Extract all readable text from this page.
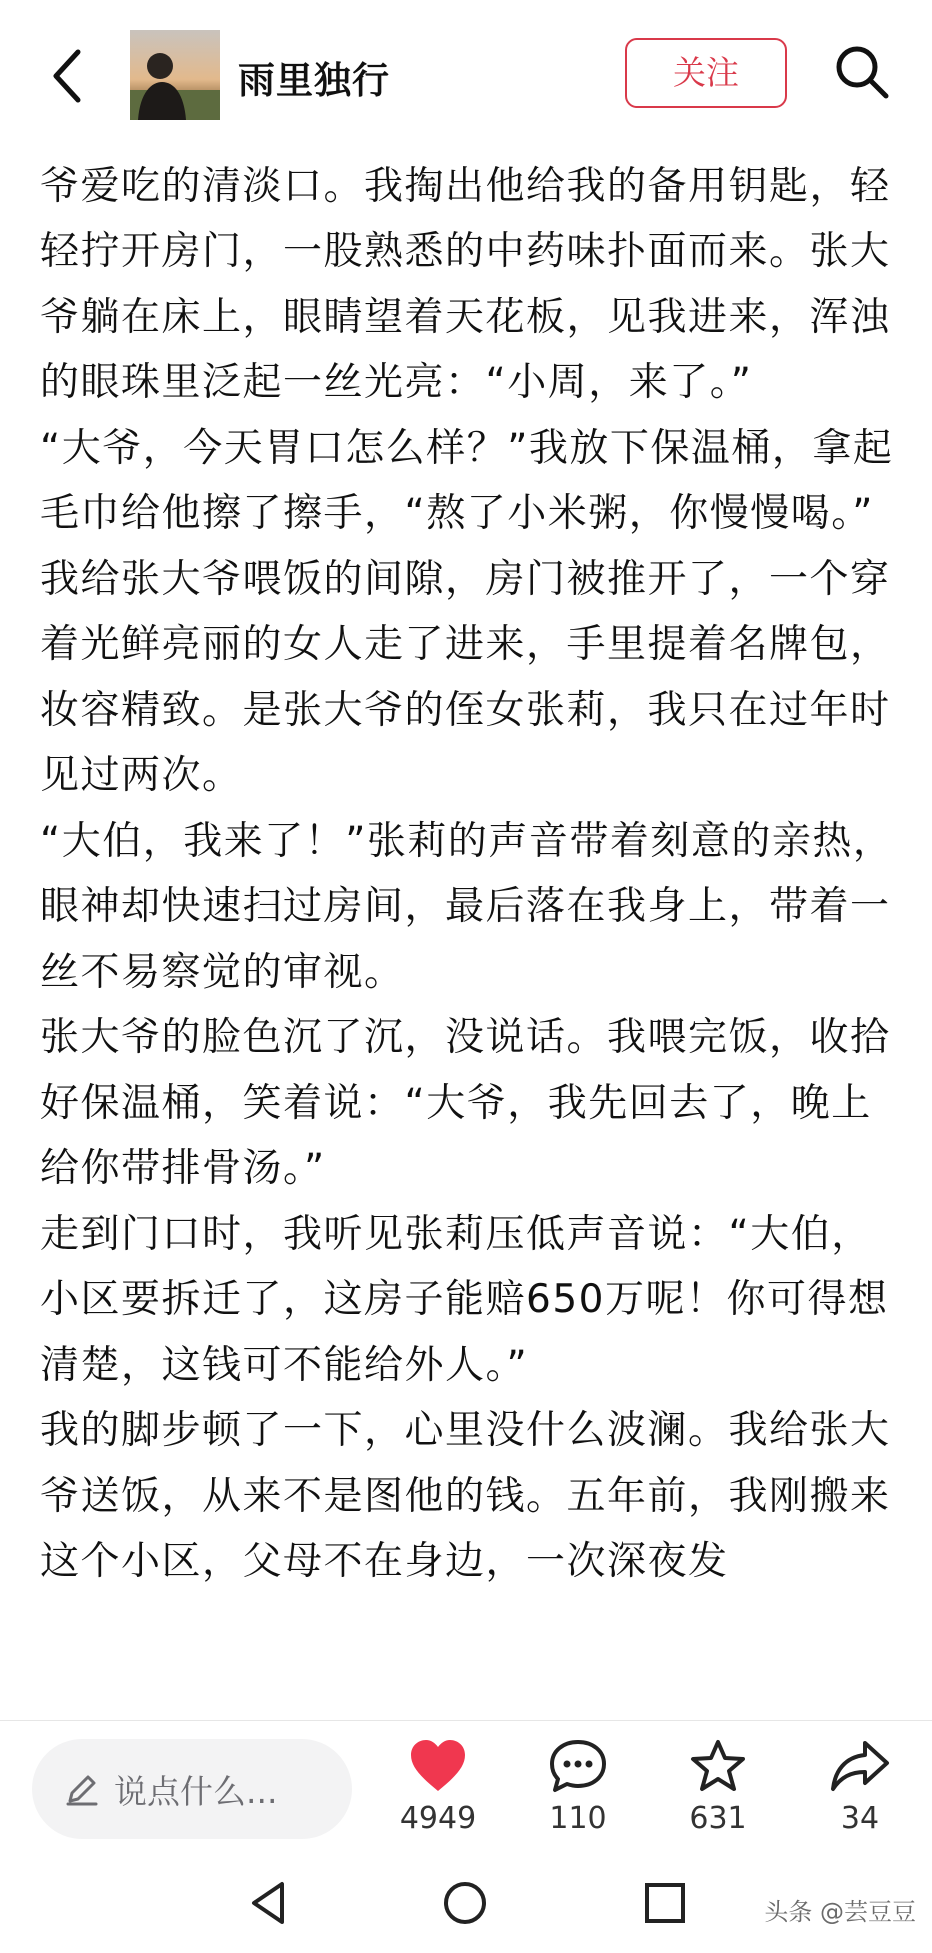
雨里独行	关注

爷爱吃的清淡口。我掏出他给我的备用钥匙，轻轻拧开房门，一股熟悉的中药味扑面而来。张大爷躺在床上，眼睛望着天花板，见我进来，浑浊的眼珠里泛起一丝光亮：“小周，来了。”

“大爷，今天胃口怎么样？”我放下保温桶，拿起毛巾给他擦了擦手，“熬了小米粥，你慢慢喝。”

我给张大爷喂饭的间隙，房门被推开了，一个穿着光鲜亮丽的女人走了进来，手里提着名牌包，妆容精致。是张大爷的侄女张莉，我只在过年时见过两次。

“大伯，我来了！”张莉的声音带着刻意的亲热，眼神却快速扫过房间，最后落在我身上，带着一丝不易察觉的审视。

张大爷的脸色沉了沉，没说话。我喂完饭，收拾好保温桶，笑着说：“大爷，我先回去了，晚上给你带排骨汤。”

走到门口时，我听见张莉压低声音说：“大伯，小区要拆迁了，这房子能赔650万呢！你可得想清楚，这钱可不能给外人。”

我的脚步顿了一下，心里没什么波澜。我给张大爷送饭，从来不是图他的钱。五年前，我刚搬来这个小区，父母不在身边，一次深夜发

说点什么...
4949	110	631	34
头条 @芸豆豆
